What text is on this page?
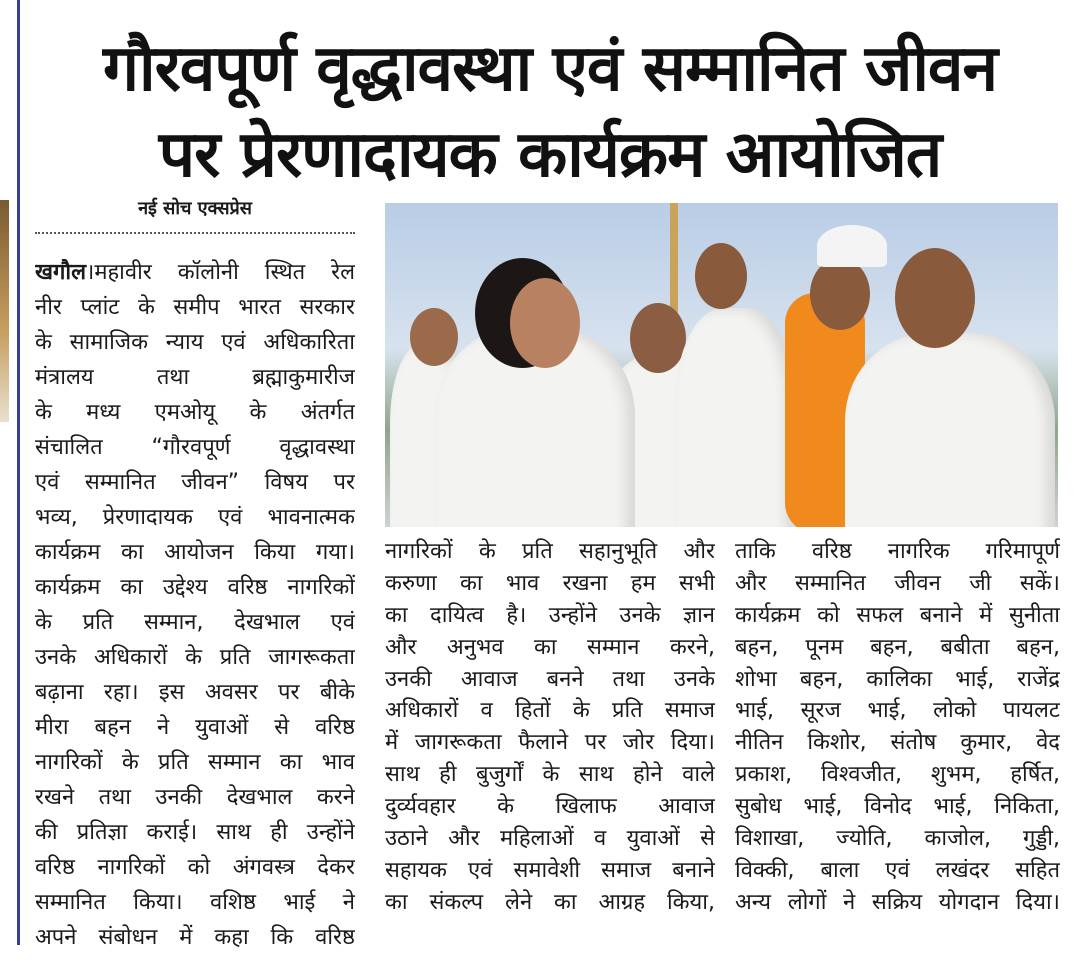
गौरवपूर्ण वृद्धावस्था एवं सम्मानित जीवन
पर प्रेरणादायक कार्यक्रम आयोजित
नई सोच एक्सप्रेस
खगौल।महावीर कॉलोनी स्थित रेल
नीर प्लांट के समीप भारत सरकार
के सामाजिक न्याय एवं अधिकारिता
मंत्रालय तथा ब्रह्माकुमारीज
के मध्य एमओयू के अंतर्गत
संचालित “गौरवपूर्ण वृद्धावस्था
एवं सम्मानित जीवन” विषय पर
भव्य, प्रेरणादायक एवं भावनात्मक
कार्यक्रम का आयोजन किया गया।
कार्यक्रम का उद्देश्य वरिष्ठ नागरिकों
के प्रति सम्मान, देखभाल एवं
उनके अधिकारों के प्रति जागरूकता
बढ़ाना रहा। इस अवसर पर बीके
मीरा बहन ने युवाओं से वरिष्ठ
नागरिकों के प्रति सम्मान का भाव
रखने तथा उनकी देखभाल करने
की प्रतिज्ञा कराई। साथ ही उन्होंने
वरिष्ठ नागरिकों को अंगवस्त्र देकर
सम्मानित किया। वशिष्ठ भाई ने
अपने संबोधन में कहा कि वरिष्ठ
नागरिकों के प्रति सहानुभूति और
करुणा का भाव रखना हम सभी
का दायित्व है। उन्होंने उनके ज्ञान
और अनुभव का सम्मान करने,
उनकी आवाज बनने तथा उनके
अधिकारों व हितों के प्रति समाज
में जागरूकता फैलाने पर जोर दिया।
साथ ही बुजुर्गों के साथ होने वाले
दुर्व्यवहार के खिलाफ आवाज
उठाने और महिलाओं व युवाओं से
सहायक एवं समावेशी समाज बनाने
का संकल्प लेने का आग्रह किया,
ताकि वरिष्ठ नागरिक गरिमापूर्ण
और सम्मानित जीवन जी सकें।
कार्यक्रम को सफल बनाने में सुनीता
बहन, पूनम बहन, बबीता बहन,
शोभा बहन, कालिका भाई, राजेंद्र
भाई, सूरज भाई, लोको पायलट
नीतिन किशोर, संतोष कुमार, वेद
प्रकाश, विश्वजीत, शुभम, हर्षित,
सुबोध भाई, विनोद भाई, निकिता,
विशाखा, ज्योति, काजोल, गुड्डी,
विक्की, बाला एवं लखंदर सहित
अन्य लोगों ने सक्रिय योगदान दिया।
